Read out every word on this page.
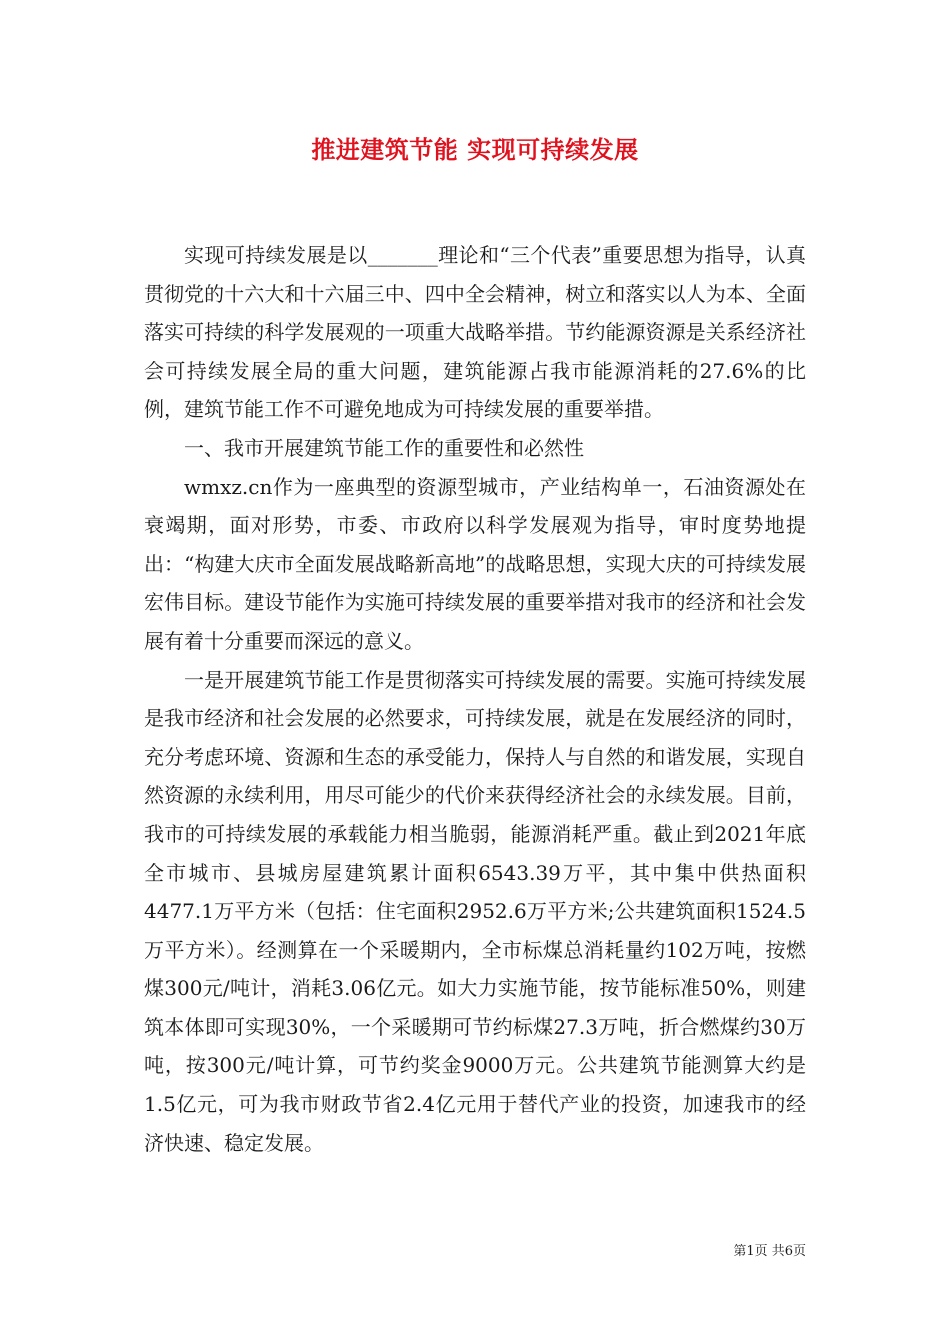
推进建筑节能 实现可持续发展

实现可持续发展是以_______理论和“三个代表”重要思想为指导，认真贯彻党的十六大和十六届三中、四中全会精神，树立和落实以人为本、全面落实可持续的科学发展观的一项重大战略举措。节约能源资源是关系经济社会可持续发展全局的重大问题，建筑能源占我市能源消耗的27.6%的比例，建筑节能工作不可避免地成为可持续发展的重要举措。

一、我市开展建筑节能工作的重要性和必然性

wmxz.cn作为一座典型的资源型城市，产业结构单一，石油资源处在衰竭期，面对形势，市委、市政府以科学发展观为指导，审时度势地提出：“构建大庆市全面发展战略新高地”的战略思想，实现大庆的可持续发展宏伟目标。建设节能作为实施可持续发展的重要举措对我市的经济和社会发展有着十分重要而深远的意义。

一是开展建筑节能工作是贯彻落实可持续发展的需要。实施可持续发展是我市经济和社会发展的必然要求，可持续发展，就是在发展经济的同时，充分考虑环境、资源和生态的承受能力，保持人与自然的和谐发展，实现自然资源的永续利用，用尽可能少的代价来获得经济社会的永续发展。目前，我市的可持续发展的承载能力相当脆弱，能源消耗严重。截止到2021年底全市城市、县城房屋建筑累计面积6543.39万平，其中集中供热面积4477.1万平方米（包括：住宅面积2952.6万平方米;公共建筑面积1524.5万平方米）。经测算在一个采暖期内，全市标煤总消耗量约102万吨，按燃煤300元/吨计，消耗3.06亿元。如大力实施节能，按节能标准50%，则建筑本体即可实现30%，一个采暖期可节约标煤27.3万吨，折合燃煤约30万吨，按300元/吨计算，可节约奖金9000万元。公共建筑节能测算大约是1.5亿元，可为我市财政节省2.4亿元用于替代产业的投资，加速我市的经济快速、稳定发展。

第1页 共6页
